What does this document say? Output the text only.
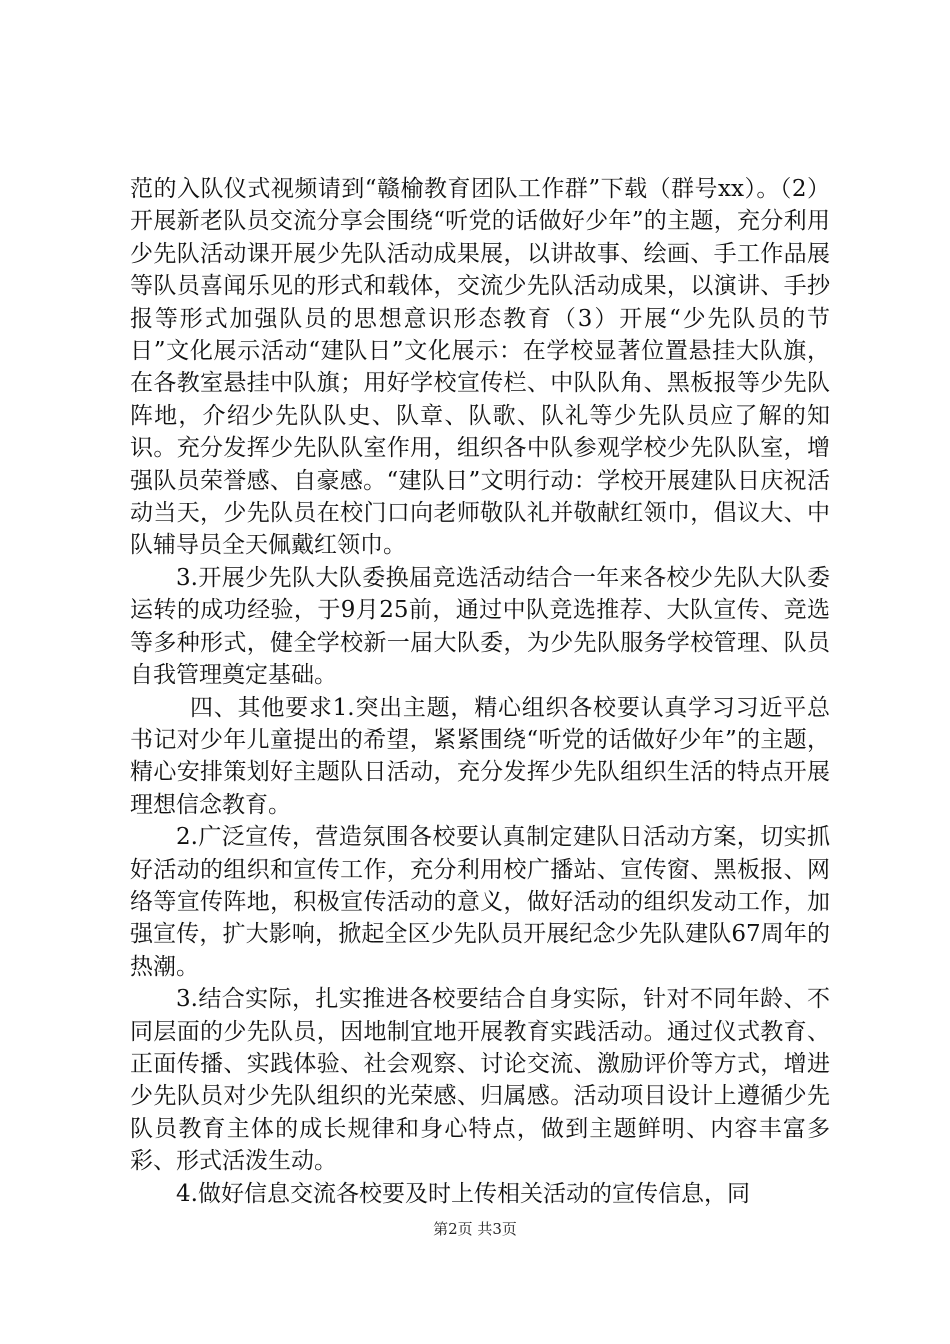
范的入队仪式视频请到“赣榆教育团队工作群”下载（群号xx）。（2）开展新老队员交流分享会围绕“听党的话做好少年”的主题，充分利用少先队活动课开展少先队活动成果展，以讲故事、绘画、手工作品展等队员喜闻乐见的形式和载体，交流少先队活动成果，以演讲、手抄报等形式加强队员的思想意识形态教育（3）开展“少先队员的节日”文化展示活动“建队日”文化展示：在学校显著位置悬挂大队旗，在各教室悬挂中队旗；用好学校宣传栏、中队队角、黑板报等少先队阵地，介绍少先队队史、队章、队歌、队礼等少先队员应了解的知识。充分发挥少先队队室作用，组织各中队参观学校少先队队室，增强队员荣誉感、自豪感。“建队日”文明行动：学校开展建队日庆祝活动当天，少先队员在校门口向老师敬队礼并敬献红领巾，倡议大、中队辅导员全天佩戴红领巾。

3.开展少先队大队委换届竞选活动结合一年来各校少先队大队委运转的成功经验，于9月25前，通过中队竞选推荐、大队宣传、竞选等多种形式，健全学校新一届大队委，为少先队服务学校管理、队员自我管理奠定基础。

四、其他要求1.突出主题，精心组织各校要认真学习习近平总书记对少年儿童提出的希望，紧紧围绕“听党的话做好少年”的主题，精心安排策划好主题队日活动，充分发挥少先队组织生活的特点开展理想信念教育。

2.广泛宣传，营造氛围各校要认真制定建队日活动方案，切实抓好活动的组织和宣传工作，充分利用校广播站、宣传窗、黑板报、网络等宣传阵地，积极宣传活动的意义，做好活动的组织发动工作，加强宣传，扩大影响，掀起全区少先队员开展纪念少先队建队67周年的热潮。

3.结合实际，扎实推进各校要结合自身实际，针对不同年龄、不同层面的少先队员，因地制宜地开展教育实践活动。通过仪式教育、正面传播、实践体验、社会观察、讨论交流、激励评价等方式，增进少先队员对少先队组织的光荣感、归属感。活动项目设计上遵循少先队员教育主体的成长规律和身心特点，做到主题鲜明、内容丰富多彩、形式活泼生动。

4.做好信息交流各校要及时上传相关活动的宣传信息，同

第2页 共3页
